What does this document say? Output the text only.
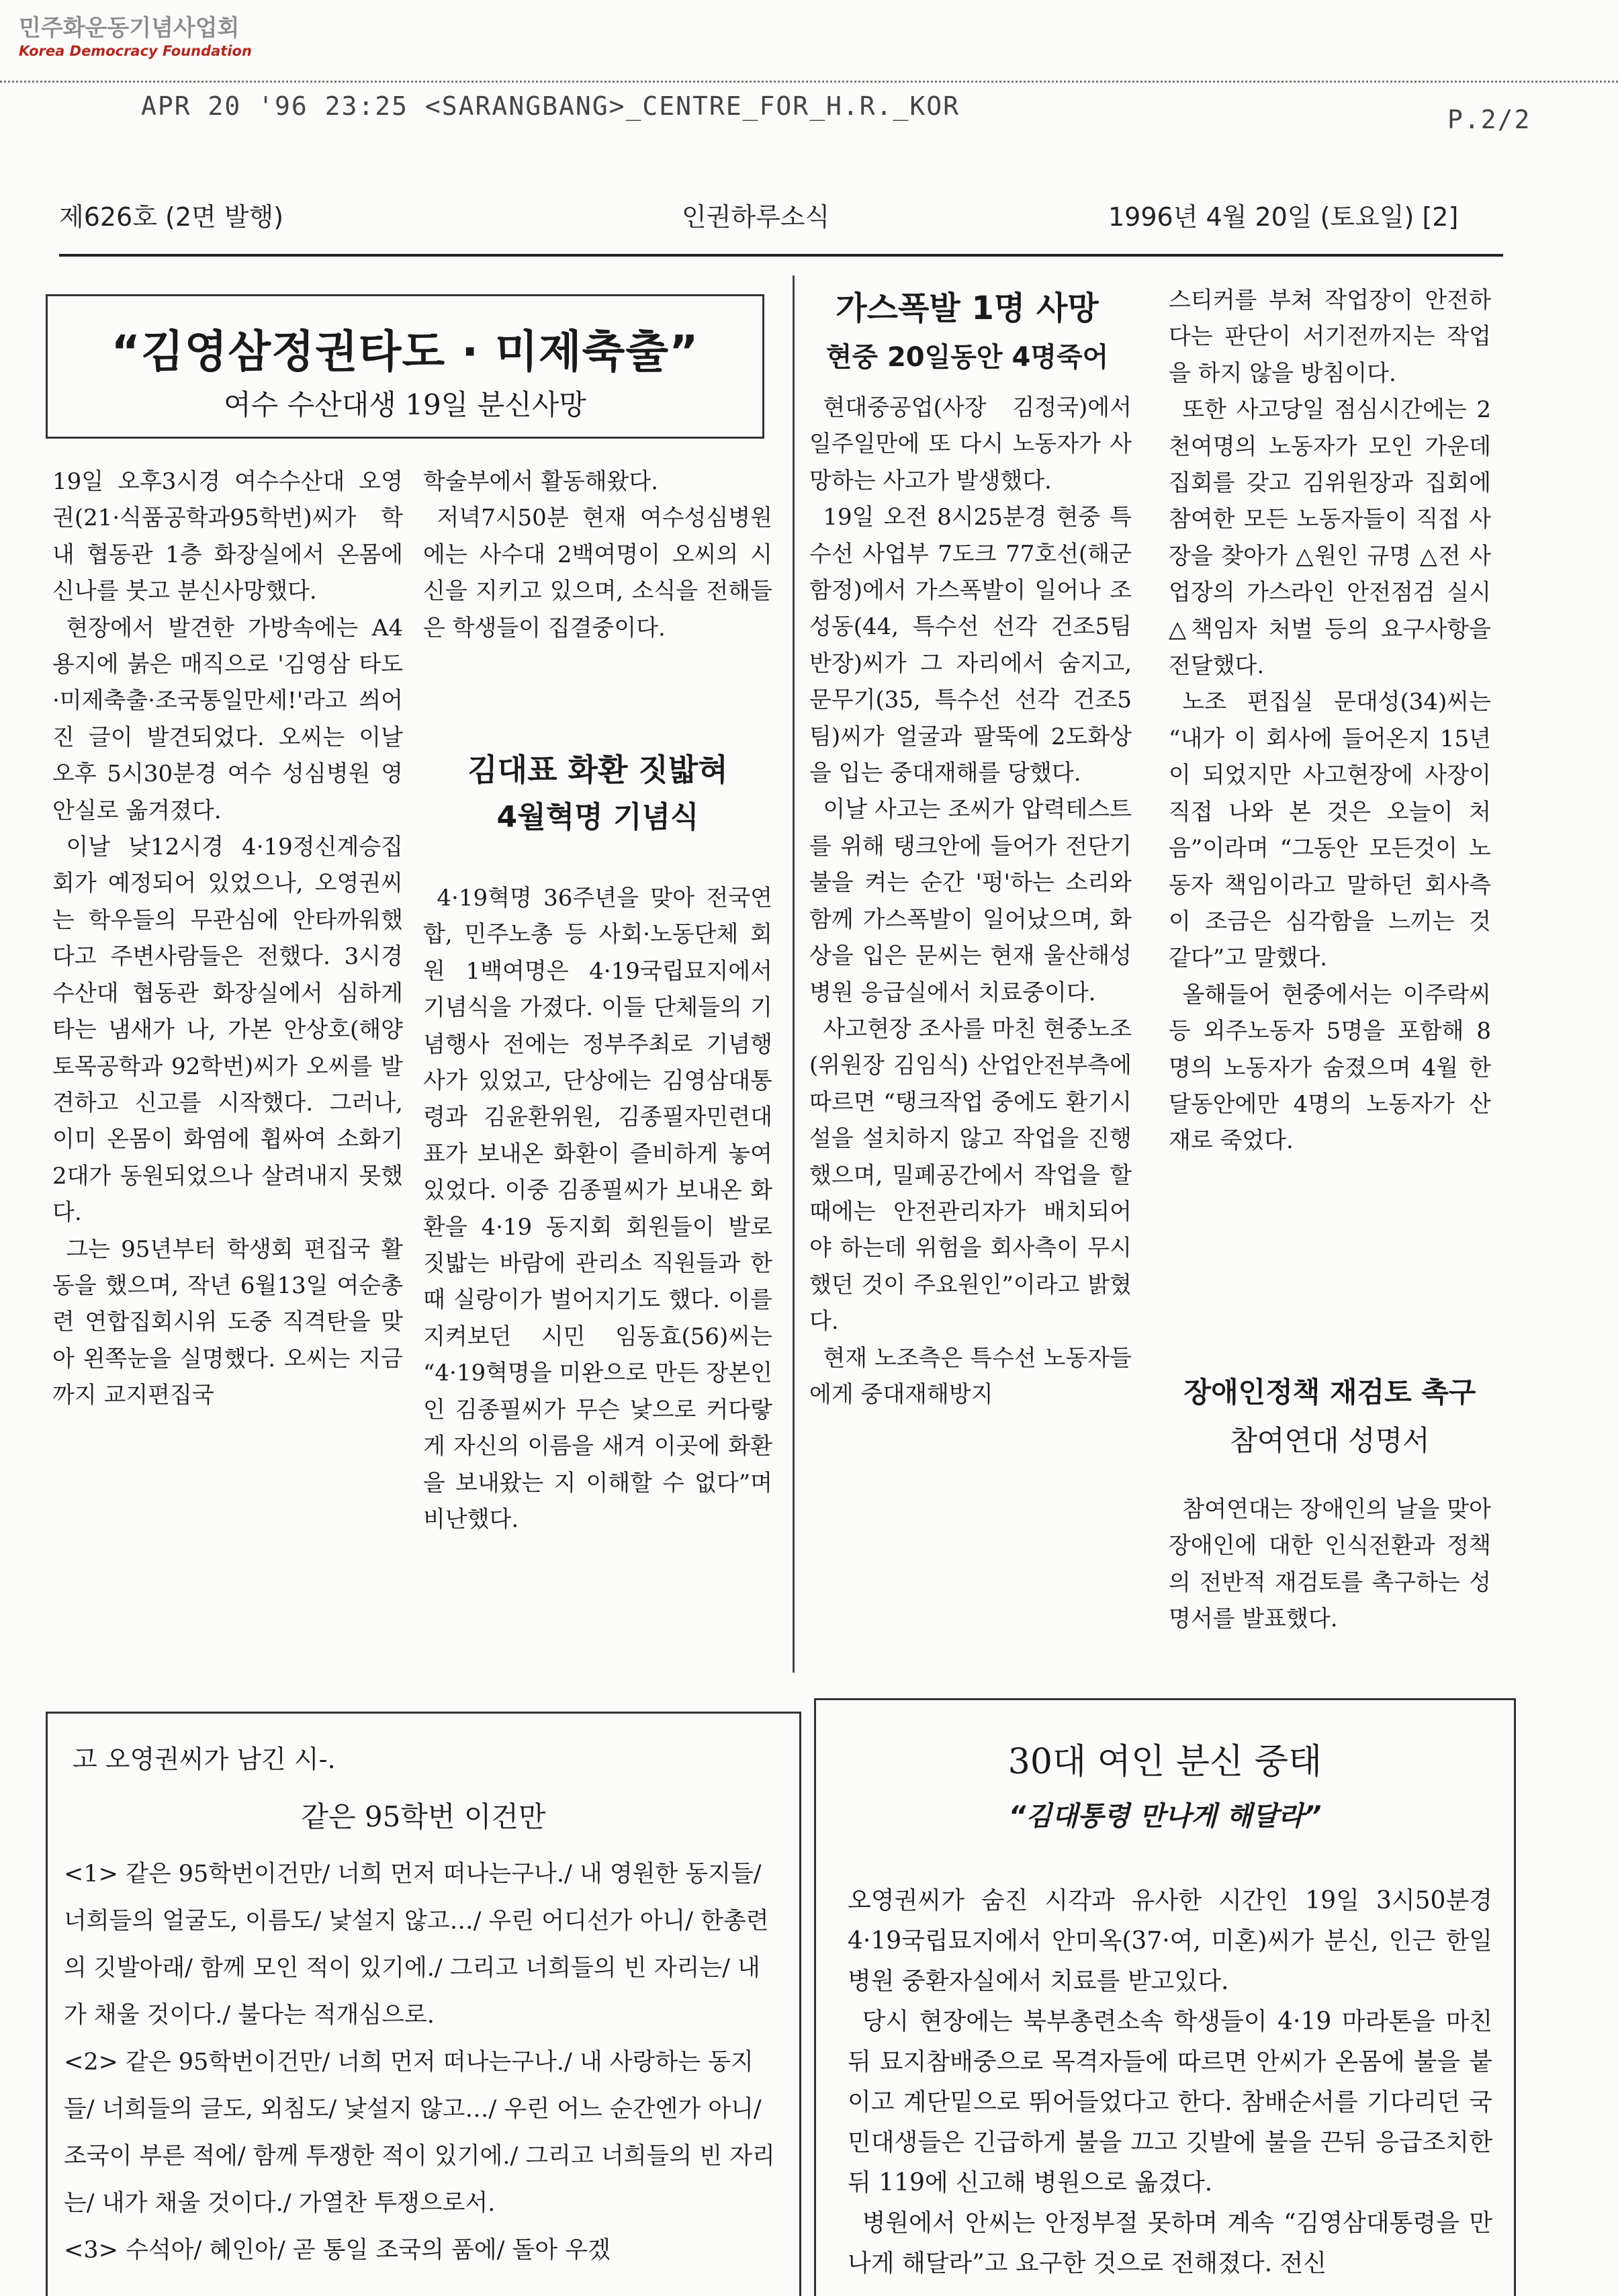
민주화운동기념사업회
Korea Democracy Foundation
APR 20 '96 23:25 <SARANGBANG>_CENTRE_FOR_H.R._KOR	P.2/2
제626호 (2면 발행)	인권하루소식	1996년 4월 20일 (토요일) [2]
“김영삼정권타도 · 미제축출”
여수 수산대생 19일 분신사망

19일 오후3시경 여수수산대 오영권(21·식품공학과95학번)씨가 학내 협동관 1층 화장실에서 온몸에 신나를 붓고 분신사망했다.

현장에서 발견한 가방속에는 A4 용지에 붉은 매직으로 '김영삼 타도·미제축출·조국통일만세!'라고 씌어진 글이 발견되었다. 오씨는 이날 오후 5시30분경 여수 성심병원 영안실로 옮겨졌다.

이날 낮12시경 4·19정신계승집회가 예정되어 있었으나, 오영권씨는 학우들의 무관심에 안타까워했다고 주변사람들은 전했다. 3시경 수산대 협동관 화장실에서 심하게 타는 냄새가 나, 가본 안상호(해양토목공학과 92학번)씨가 오씨를 발견하고 신고를 시작했다. 그러나, 이미 온몸이 화염에 휩싸여 소화기 2대가 동원되었으나 살려내지 못했다.

그는 95년부터 학생회 편집국 활동을 했으며, 작년 6월13일 여순총련 연합집회시위 도중 직격탄을 맞아 왼쪽눈을 실명했다. 오씨는 지금까지 교지편집국

학술부에서 활동해왔다.

저녁7시50분 현재 여수성심병원에는 사수대 2백여명이 오씨의 시신을 지키고 있으며, 소식을 전해들은 학생들이 집결중이다.

김대표 화환 짓밟혀
4월혁명 기념식

4·19혁명 36주년을 맞아 전국연합, 민주노총 등 사회·노동단체 회원 1백여명은 4·19국립묘지에서 기념식을 가졌다. 이들 단체들의 기념행사 전에는 정부주최로 기념행사가 있었고, 단상에는 김영삼대통령과 김윤환위원, 김종필자민련대표가 보내온 화환이 즐비하게 놓여 있었다. 이중 김종필씨가 보내온 화환을 4·19 동지회 회원들이 발로 짓밟는 바람에 관리소 직원들과 한때 실랑이가 벌어지기도 했다. 이를 지켜보던 시민 임동효(56)씨는 “4·19혁명을 미완으로 만든 장본인인 김종필씨가 무슨 낯으로 커다랗게 자신의 이름을 새겨 이곳에 화환을 보내왔는 지 이해할 수 없다”며 비난했다.

가스폭발 1명 사망
현중 20일동안 4명죽어

현대중공업(사장 김정국)에서 일주일만에 또 다시 노동자가 사망하는 사고가 발생했다.

19일 오전 8시25분경 현중 특수선 사업부 7도크 77호선(해군함정)에서 가스폭발이 일어나 조성동(44, 특수선 선각 건조5팀 반장)씨가 그 자리에서 숨지고, 문무기(35, 특수선 선각 건조5팀)씨가 얼굴과 팔뚝에 2도화상을 입는 중대재해를 당했다.

이날 사고는 조씨가 압력테스트를 위해 탱크안에 들어가 전단기 불을 켜는 순간 '펑'하는 소리와 함께 가스폭발이 일어났으며, 화상을 입은 문씨는 현재 울산해성병원 응급실에서 치료중이다.

사고현장 조사를 마친 현중노조(위원장 김임식) 산업안전부측에 따르면 “탱크작업 중에도 환기시설을 설치하지 않고 작업을 진행했으며, 밀폐공간에서 작업을 할 때에는 안전관리자가 배치되어야 하는데 위험을 회사측이 무시했던 것이 주요원인”이라고 밝혔다.

현재 노조측은 특수선 노동자들에게 중대재해방지

스티커를 부쳐 작업장이 안전하다는 판단이 서기전까지는 작업을 하지 않을 방침이다.

또한 사고당일 점심시간에는 2천여명의 노동자가 모인 가운데 집회를 갖고 김위원장과 집회에 참여한 모든 노동자들이 직접 사장을 찾아가 △원인 규명 △전 사업장의 가스라인 안전점검 실시 △책임자 처벌 등의 요구사항을 전달했다.

노조 편집실 문대성(34)씨는 “내가 이 회사에 들어온지 15년이 되었지만 사고현장에 사장이 직접 나와 본 것은 오늘이 처음”이라며 “그동안 모든것이 노동자 책임이라고 말하던 회사측이 조금은 심각함을 느끼는 것 같다”고 말했다.

올해들어 현중에서는 이주락씨등 외주노동자 5명을 포함해 8명의 노동자가 숨졌으며 4월 한 달동안에만 4명의 노동자가 산재로 죽었다.

장애인정책 재검토 촉구
참여연대 성명서

참여연대는 장애인의 날을 맞아 장애인에 대한 인식전환과 정책의 전반적 재검토를 촉구하는 성명서를 발표했다.

고 오영권씨가 남긴 시-.
같은 95학번 이건만

<1> 같은 95학번이건만/ 너희 먼저 떠나는구나./ 내 영원한 동지들/ 너희들의 얼굴도, 이름도/ 낯설지 않고…/ 우린 어디선가 아니/ 한총련의 깃발아래/ 함께 모인 적이 있기에./ 그리고 너희들의 빈 자리는/ 내가 채울 것이다./ 불다는 적개심으로.

<2> 같은 95학번이건만/ 너희 먼저 떠나는구나./ 내 사랑하는 동지들/ 너희들의 글도, 외침도/ 낯설지 않고…/ 우린 어느 순간엔가 아니/ 조국이 부른 적에/ 함께 투쟁한 적이 있기에./ 그리고 너희들의 빈 자리는/ 내가 채울 것이다./ 가열찬 투쟁으로서.

<3> 수석아/ 혜인아/ 곧 통일 조국의 품에/ 돌아 우겠

30대 여인 분신 중태
“김대통령 만나게 해달라”

오영권씨가 숨진 시각과 유사한 시간인 19일 3시50분경 4·19국립묘지에서 안미옥(37·여, 미혼)씨가 분신, 인근 한일병원 중환자실에서 치료를 받고있다.

당시 현장에는 북부총련소속 학생들이 4·19 마라톤을 마친 뒤 묘지참배중으로 목격자들에 따르면 안씨가 온몸에 불을 붙이고 계단밑으로 뛰어들었다고 한다. 참배순서를 기다리던 국민대생들은 긴급하게 불을 끄고 깃발에 불을 끈뒤 응급조치한 뒤 119에 신고해 병원으로 옮겼다.

병원에서 안씨는 안정부절 못하며 계속 “김영삼대통령을 만나게 해달라”고 요구한 것으로 전해졌다. 전신
